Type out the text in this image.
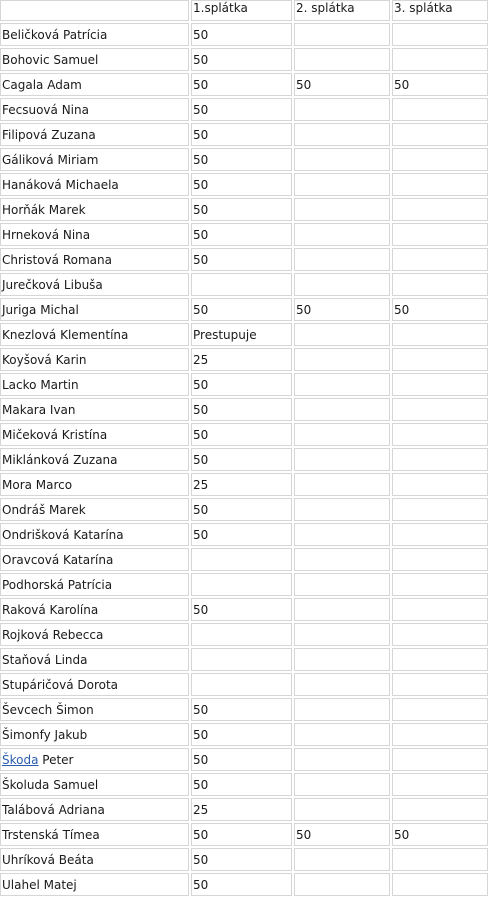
	1.splátka	2. splátka	3. splátka
Beličková Patrícia	50		
Bohovic Samuel	50		
Cagala Adam	50	50	50
Fecsuová Nina	50		
Filipová Zuzana	50		
Gáliková Miriam	50		
Hanáková Michaela	50		
Horňák Marek	50		
Hrneková Nina	50		
Christová Romana	50		
Jurečková Libuša			
Juriga Michal	50	50	50
Knezlová Klementína	Prestupuje		
Koyšová Karin	25		
Lacko Martin	50		
Makara Ivan	50		
Mičeková Kristína	50		
Miklánková Zuzana	50		
Mora Marco	25		
Ondráš Marek	50		
Ondrišková Katarína	50		
Oravcová Katarína			
Podhorská Patrícia			
Raková Karolína	50		
Rojková Rebecca			
Staňová Linda			
Stupáričová Dorota			
Ševcech Šimon	50		
Šimonfy Jakub	50		
Škoda Peter	50		
Školuda Samuel	50		
Talábová Adriana	25		
Trstenská Tímea	50	50	50
Uhríková Beáta	50		
Ulahel Matej	50		
